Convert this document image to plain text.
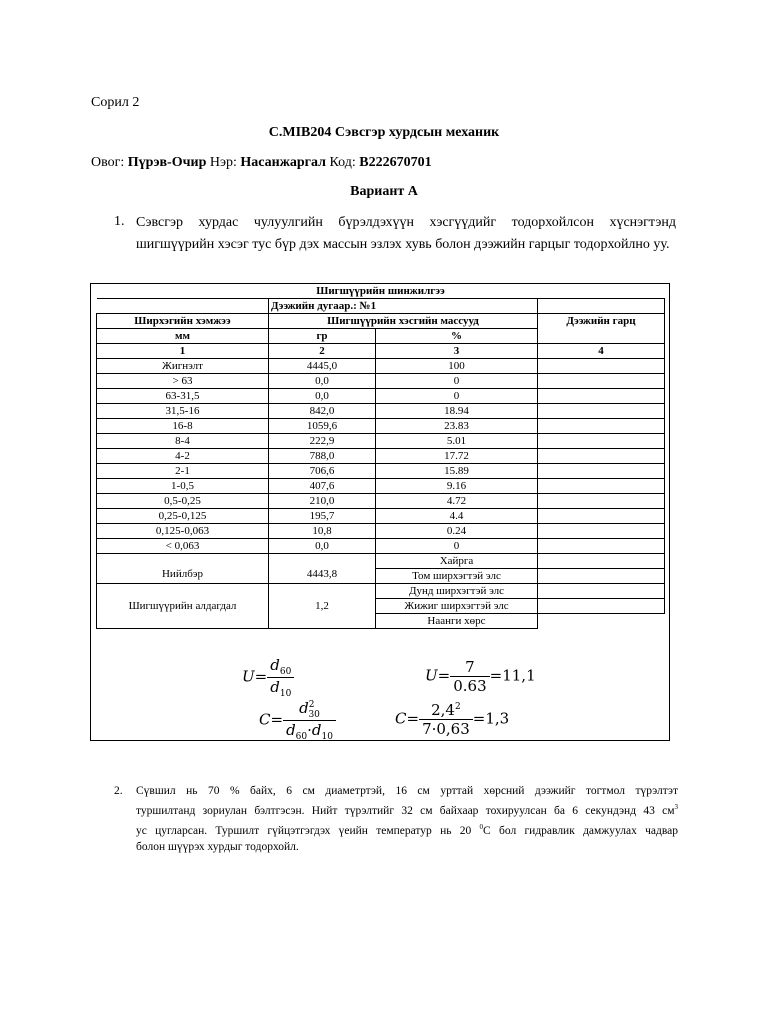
Сорил 2
С.МІВ204 Сэвсгэр хурдсын механик
Овог: Пүрэв-Очир Нэр: Насанжаргал Код: B222670701
Вариант А
1. Сэвсгэр хурдас чулуулгийн бүрэлдэхүүн хэсгүүдийг тодорхойлсон хүснэгтэнд шигшүүрийн хэсэг тус бүр дэх массын эзлэх хувь болон дээжийн гарцыг тодорхойлно уу.
Шигшүүрийн шинжилгээ			
	Дээжийн дугаар.: №1		
Ширхэгийн хэмжээ	Шигшүүрийн хэсгийн массууд		Дээжийн гарц
мм	гр	%	
1	2	3	4
Жигнэлт	4445,0	100	
> 63	0,0	0	
63-31,5	0,0	0	
31,5-16	842,0	18.94	
16-8	1059,6	23.83	
8-4	222,9	5.01	
4-2	788,0	17.72	
2-1	706,6	15.89	
1-0,5	407,6	9.16	
0,5-0,25	210,0	4.72	
0,25-0,125	195,7	4.4	
0,125-0,063	10,8	0.24	
< 0,063	0,0	0	
Нийлбэр	4443,8	Хайрга	
		Том ширхэгтэй элс	
Шигшүүрийн алдагдал	1,2	Дунд ширхэгтэй элс	
		Жижиг ширхэгтэй элс	
		Наанги хөрс	
$U= \frac{d_{60}}{d_{10}}$	$U= \frac{7}{0.63} =11,1$
$C= \frac{d^2_{30}}{d_{60}\cdot d_{10}}$	$C= \frac{2,4^2}{7\cdot 0,63} =1,3$
2. Сүвшил нь 70 % байх, 6 см диаметртэй, 16 см урттай хөрсний дээжийг тогтмол түрэлтэт
туршилтанд зориулан бэлтгэсэн. Нийт түрэлтийг 32 см байхаар тохируулсан ба 6 секундэнд 43 $см^3$
ус цугларсан. Туршилт гүйцэтгэгдэх үеийн температур нь 20 $^0$C бол гидравлик дамжуулах чадвар
болон шүүрэх хурдыг тодорхойл.
